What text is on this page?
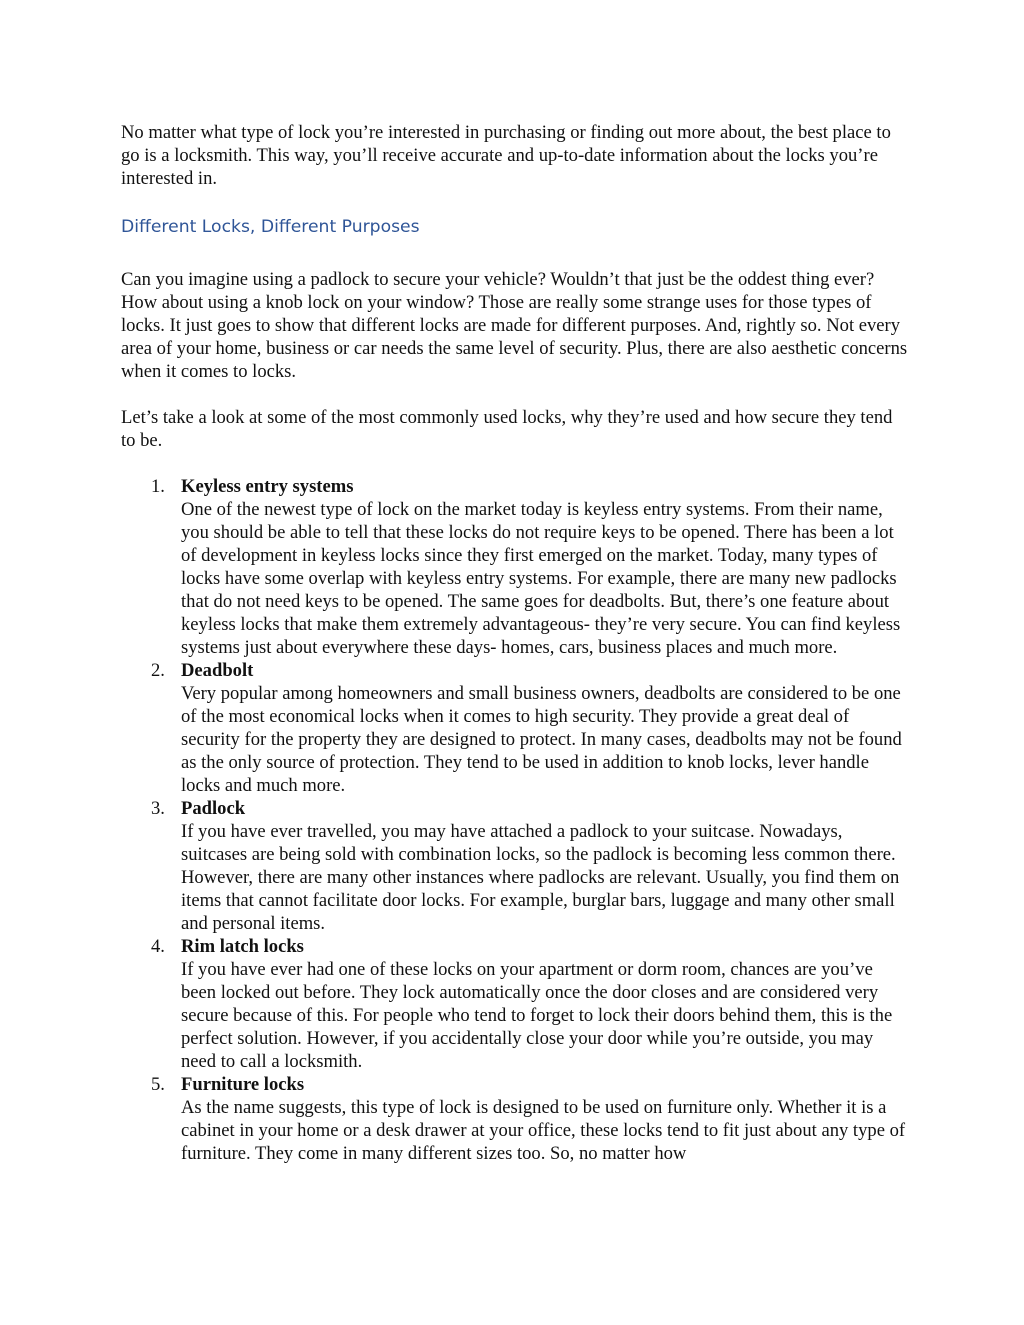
No matter what type of lock you’re interested in purchasing or finding out more about, the best place to go is a locksmith. This way, you’ll receive accurate and up-to-date information about the locks you’re interested in.

Different Locks, Different Purposes

Can you imagine using a padlock to secure your vehicle? Wouldn’t that just be the oddest thing ever? How about using a knob lock on your window? Those are really some strange uses for those types of locks. It just goes to show that different locks are made for different purposes. And, rightly so. Not every area of your home, business or car needs the same level of security. Plus, there are also aesthetic concerns when it comes to locks.

Let’s take a look at some of the most commonly used locks, why they’re used and how secure they tend to be.

1. Keyless entry systems
One of the newest type of lock on the market today is keyless entry systems. From their name, you should be able to tell that these locks do not require keys to be opened. There has been a lot of development in keyless locks since they first emerged on the market. Today, many types of locks have some overlap with keyless entry systems. For example, there are many new padlocks that do not need keys to be opened. The same goes for deadbolts. But, there’s one feature about keyless locks that make them extremely advantageous- they’re very secure. You can find keyless systems just about everywhere these days- homes, cars, business places and much more.
2. Deadbolt
Very popular among homeowners and small business owners, deadbolts are considered to be one of the most economical locks when it comes to high security. They provide a great deal of security for the property they are designed to protect. In many cases, deadbolts may not be found as the only source of protection. They tend to be used in addition to knob locks, lever handle locks and much more.
3. Padlock
If you have ever travelled, you may have attached a padlock to your suitcase. Nowadays, suitcases are being sold with combination locks, so the padlock is becoming less common there. However, there are many other instances where padlocks are relevant. Usually, you find them on items that cannot facilitate door locks. For example, burglar bars, luggage and many other small and personal items.
4. Rim latch locks
If you have ever had one of these locks on your apartment or dorm room, chances are you’ve been locked out before. They lock automatically once the door closes and are considered very secure because of this. For people who tend to forget to lock their doors behind them, this is the perfect solution. However, if you accidentally close your door while you’re outside, you may need to call a locksmith.
5. Furniture locks
As the name suggests, this type of lock is designed to be used on furniture only. Whether it is a cabinet in your home or a desk drawer at your office, these locks tend to fit just about any type of furniture. They come in many different sizes too. So, no matter how
